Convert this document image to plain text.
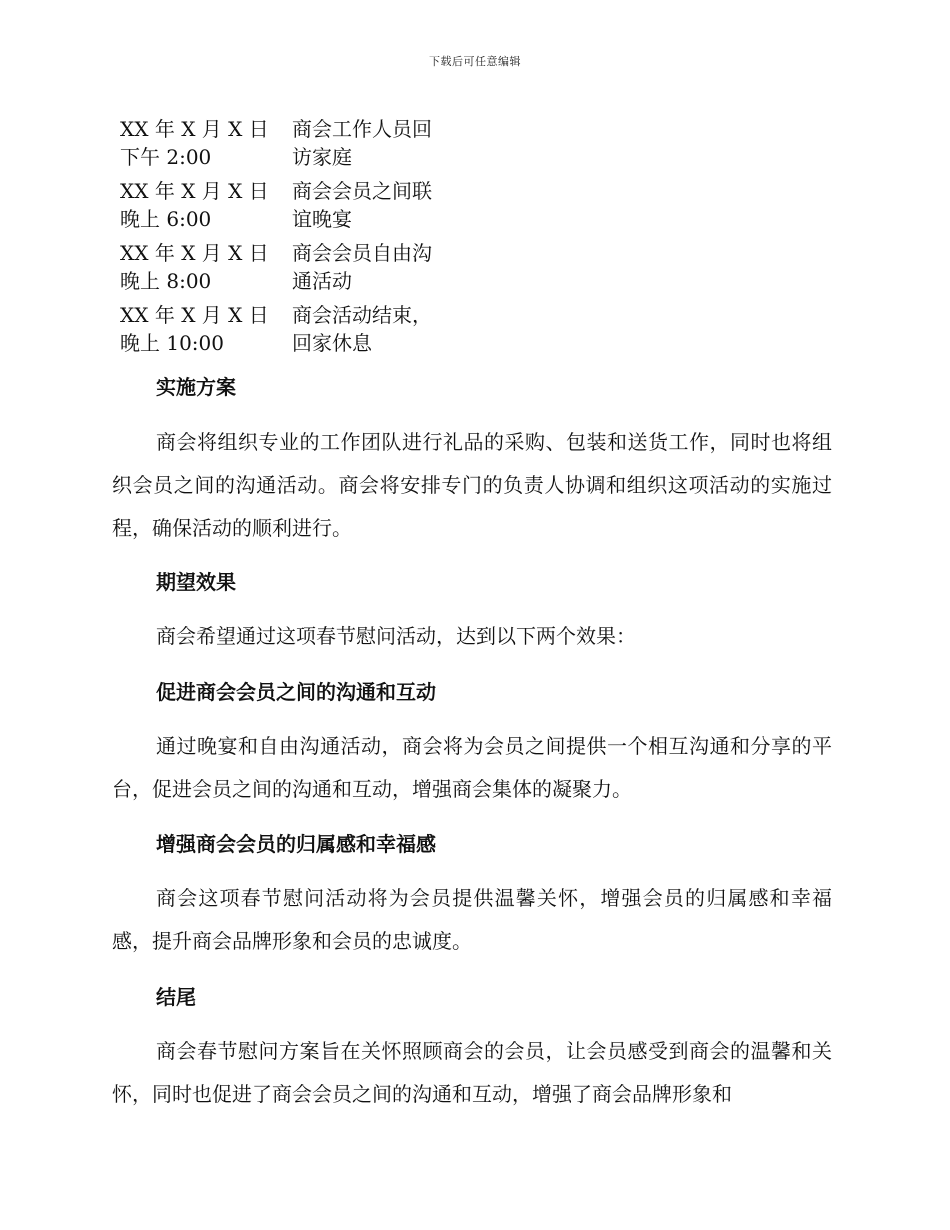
下载后可任意编辑
XX 年 X 月 X 日
下午 2:00
商会工作人员回访家庭
XX 年 X 月 X 日
晚上 6:00
商会会员之间联谊晚宴
XX 年 X 月 X 日
晚上 8:00
商会会员自由沟通活动
XX 年 X 月 X 日
晚上 10:00
商会活动结束，回家休息
实施方案
商会将组织专业的工作团队进行礼品的采购、包装和送货工作，同时也将组织会员之间的沟通活动。商会将安排专门的负责人协调和组织这项活动的实施过程，确保活动的顺利进行。
期望效果
商会希望通过这项春节慰问活动，达到以下两个效果：
促进商会会员之间的沟通和互动
通过晚宴和自由沟通活动，商会将为会员之间提供一个相互沟通和分享的平台，促进会员之间的沟通和互动，增强商会集体的凝聚力。
增强商会会员的归属感和幸福感
商会这项春节慰问活动将为会员提供温馨关怀，增强会员的归属感和幸福感，提升商会品牌形象和会员的忠诚度。
结尾
商会春节慰问方案旨在关怀照顾商会的会员，让会员感受到商会的温馨和关怀，同时也促进了商会会员之间的沟通和互动，增强了商会品牌形象和
